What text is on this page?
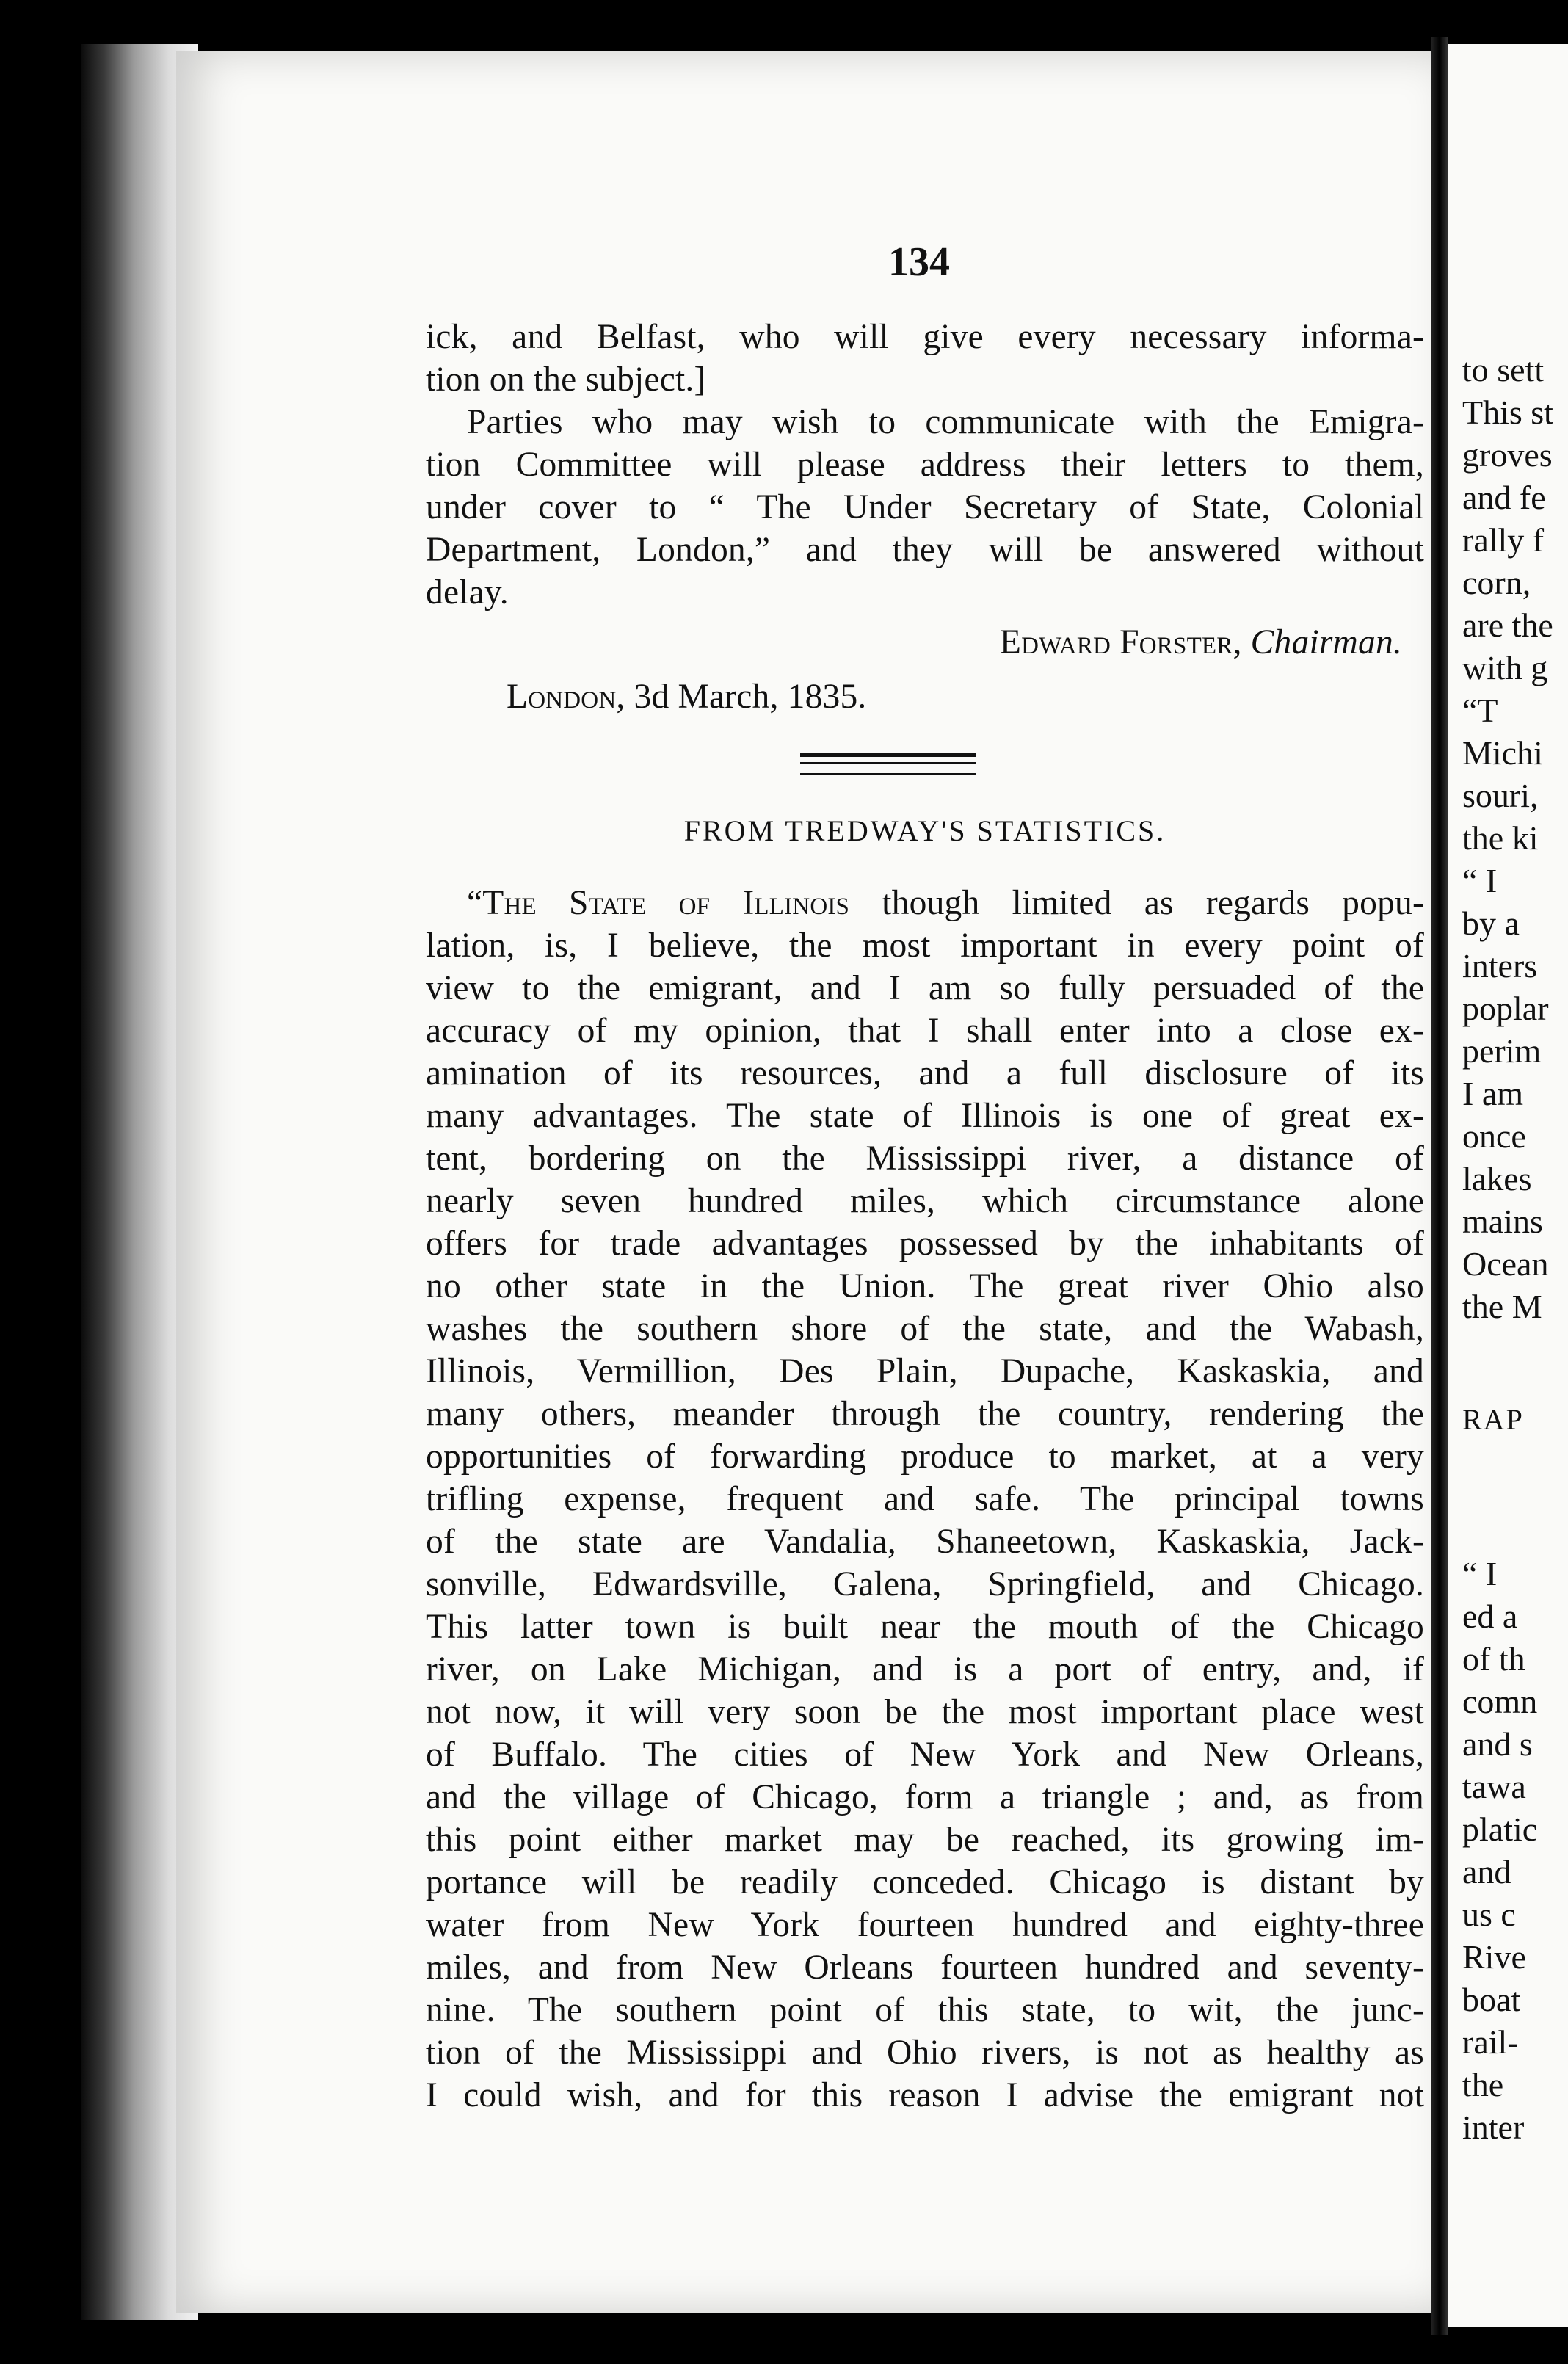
134
ick, and Belfast, who will give every necessary informa-
tion on the subject.]
Parties who may wish to communicate with the Emigra-
tion Committee will please address their letters to them,
under cover to “ The Under Secretary of State, Colonial
Department, London,” and they will be answered without
delay.
Edward Forster, Chairman.
London, 3d March, 1835.
FROM TREDWAY'S STATISTICS.
“The State of Illinois though limited as regards popu-
lation, is, I believe, the most important in every point of
view to the emigrant, and I am so fully persuaded of the
accuracy of my opinion, that I shall enter into a close ex-
amination of its resources, and a full disclosure of its
many advantages. The state of Illinois is one of great ex-
tent, bordering on the Mississippi river, a distance of
nearly seven hundred miles, which circumstance alone
offers for trade advantages possessed by the inhabitants of
no other state in the Union. The great river Ohio also
washes the southern shore of the state, and the Wabash,
Illinois, Vermillion, Des Plain, Dupache, Kaskaskia, and
many others, meander through the country, rendering the
opportunities of forwarding produce to market, at a very
trifling expense, frequent and safe. The principal towns
of the state are Vandalia, Shaneetown, Kaskaskia, Jack-
sonville, Edwardsville, Galena, Springfield, and Chicago.
This latter town is built near the mouth of the Chicago
river, on Lake Michigan, and is a port of entry, and, if
not now, it will very soon be the most important place west
of Buffalo. The cities of New York and New Orleans,
and the village of Chicago, form a triangle ; and, as from
this point either market may be reached, its growing im-
portance will be readily conceded. Chicago is distant by
water from New York fourteen hundred and eighty-three
miles, and from New Orleans fourteen hundred and seventy-
nine. The southern point of this state, to wit, the junc-
tion of the Mississippi and Ohio rivers, is not as healthy as
I could wish, and for this reason I advise the emigrant not
to sett
This st
groves
and fe
rally f
corn,
are the
with g
“T
Michi
souri,
the ki
“ I
by a
inters
poplar
perim
I am
once
lakes
mains
Ocean
the M
RAP
“ I
ed a
of th
comn
and s
tawa
platic
and
us c
Rive
boat
rail-
the
inter
